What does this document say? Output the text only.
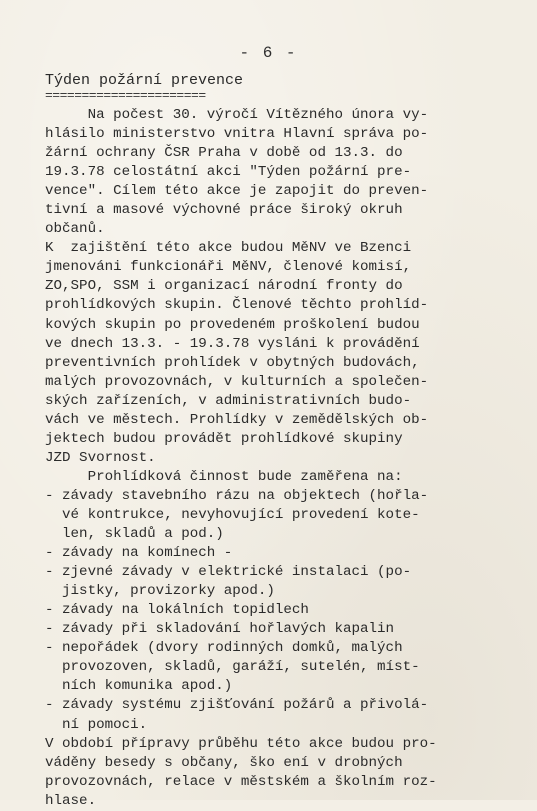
- 6 -
Týden požární prevence
======================
Na počest 30. výročí Vítězného února vy-
hlásilo ministerstvo vnitra Hlavní správa po-
žární ochrany ČSR Praha v době od 13.3. do
19.3.78 celostátní akci "Týden požární pre-
vence". Cílem této akce je zapojit do preven-
tivní a masové výchovné práce široký okruh
občanů.
K  zajištění této akce budou MěNV ve Bzenci
jmenováni funkcionáři MěNV, členové komisí,
ZO,SPO, SSM i organizací národní fronty do
prohlídkových skupin. Členové těchto prohlíd-
kových skupin po provedeném proškolení budou
ve dnech 13.3. - 19.3.78 vysláni k provádění
preventivních prohlídek v obytných budovách,
malých provozovnách, v kulturních a společen-
ských zařízeních, v administrativních budo-
vách ve městech. Prohlídky v zemědělských ob-
jektech budou provádět prohlídkové skupiny
JZD Svornost.
Prohlídková činnost bude zaměřena na:
- závady stavebního rázu na objektech (hořla-
vé kontrukce, nevyhovující provedení kote-
len, skladů a pod.)
- závady na komínech -
- zjevné závady v elektrické instalaci (po-
jistky, provizorky apod.)
- závady na lokálních topidlech
- závady při skladování hořlavých kapalin
- nepořádek (dvory rodinných domků, malých
provozoven, skladů, garáží, sutelén, míst-
ních komunika apod.)
- závady systému zjišťování požárů a přivolá-
ní pomoci.
V období přípravy průběhu této akce budou pro-
váděny besedy s občany, ško ení v drobných
provozovnách, relace v městském a školním roz-
hlase.
